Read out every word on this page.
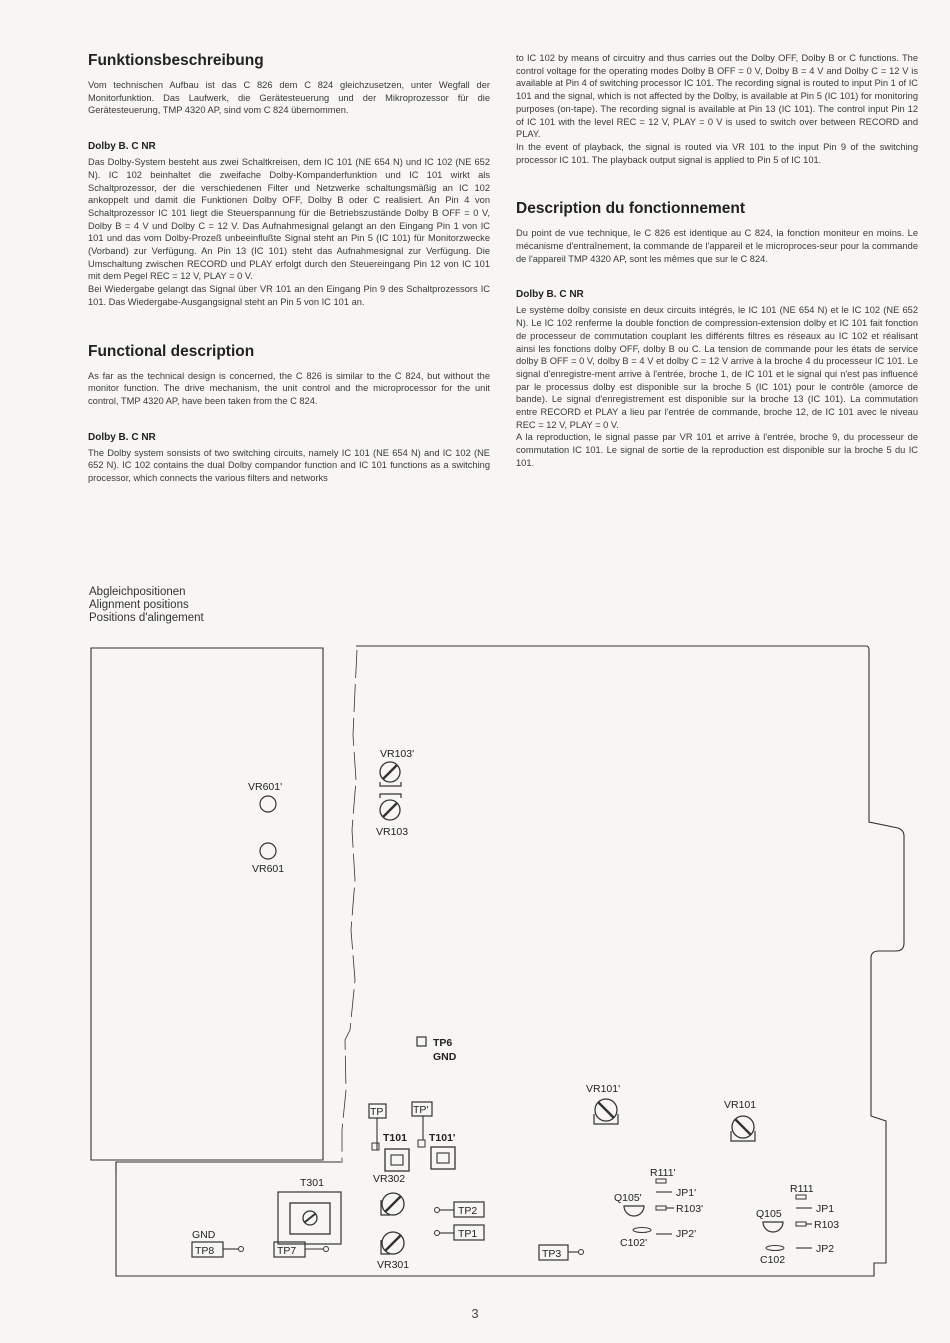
Funktionsbeschreibung

Vom technischen Aufbau ist das C 826 dem C 824 gleichzusetzen, unter Wegfall der Monitorfunktion. Das Laufwerk, die Gerätesteuerung und der Mikroprozessor für die Gerätesteuerung, TMP 4320 AP, sind vom C 824 übernommen.

Dolby B. C NR

Das Dolby-System besteht aus zwei Schaltkreisen, dem IC 101 (NE 654 N) und IC 102 (NE 652 N). IC 102 beinhaltet die zweifache Dolby-Kompanderfunktion und IC 101 wirkt als Schaltprozessor, der die verschiedenen Filter und Netzwerke schaltungsmäßig an IC 102 ankoppelt und damit die Funktionen Dolby OFF, Dolby B oder C realisiert. An Pin 4 von Schaltprozessor IC 101 liegt die Steuerspannung für die Betriebszustände Dolby B OFF = 0 V, Dolby B = 4 V und Dolby C = 12 V. Das Aufnahmesignal gelangt an den Eingang Pin 1 von IC 101 und das vom Dolby-Prozeß unbeeinflußte Signal steht an Pin 5 (IC 101) für Monitorzwecke (Vorband) zur Verfügung. An Pin 13 (IC 101) steht das Aufnahmesignal zur Verfügung. Die Umschaltung zwischen RECORD und PLAY erfolgt durch den Steuereingang Pin 12 von IC 101 mit dem Pegel REC = 12 V, PLAY = 0 V.

Bei Wiedergabe gelangt das Signal über VR 101 an den Eingang Pin 9 des Schaltprozessors IC 101. Das Wiedergabe-Ausgangsignal steht an Pin 5 von IC 101 an.

Functional description

As far as the technical design is concerned, the C 826 is similar to the C 824, but without the monitor function. The drive mechanism, the unit control and the microprocessor for the unit control, TMP 4320 AP, have been taken from the C 824.

Dolby B. C NR

The Dolby system sonsists of two switching circuits, namely IC 101 (NE 654 N) and IC 102 (NE 652 N). IC 102 contains the dual Dolby compandor function and IC 101 functions as a switching processor, which connects the various filters and networks

to IC 102 by means of circuitry and thus carries out the Dolby OFF, Dolby B or C functions. The control voltage for the operating modes Dolby B OFF = 0 V, Dolby B = 4 V and Dolby C = 12 V is available at Pin 4 of switching processor IC 101. The recording signal is routed to input Pin 1 of IC 101 and the signal, which is not affected by the Dolby, is available at Pin 5 (IC 101) for monitoring purposes (on-tape). The recording signal is available at Pin 13 (IC 101). The control input Pin 12 of IC 101 with the level REC = 12 V, PLAY = 0 V is used to switch over between RECORD and PLAY.

In the event of playback, the signal is routed via VR 101 to the input Pin 9 of the switching processor IC 101. The playback output signal is applied to Pin 5 of IC 101.

Description du fonctionnement

Du point de vue technique, le C 826 est identique au C 824, la fonction moniteur en moins. Le mécanisme d'entraînement, la commande de l'appareil et le microproces-seur pour la commande de l'appareil TMP 4320 AP, sont les mêmes que sur le C 824.

Dolby B. C NR

Le système dolby consiste en deux circuits intégrés, le IC 101 (NE 654 N) et le IC 102 (NE 652 N). Le IC 102 renferme la double fonction de compression-extension dolby et IC 101 fait fonction de processeur de commutation couplant les différents filtres es réseaux au IC 102 et réalisant ainsi les fonctions dolby OFF, dolby B ou C. La tension de commande pour les états de service dolby B OFF = 0 V, dolby B = 4 V et dolby C = 12 V arrive à la broche 4 du processeur IC 101. Le signal d'enregistre-ment arrive à l'entrée, broche 1, de IC 101 et le signal qui n'est pas influencé par le processus dolby est disponible sur la broche 5 (IC 101) pour le contrôle (amorce de bande). Le signal d'enregistrement est disponible sur la broche 13 (IC 101). La commutation entre RECORD et PLAY a lieu par l'entrée de commande, broche 12, de IC 101 avec le niveau REC = 12 V, PLAY = 0 V.

A la reproduction, le signal passe par VR 101 et arrive à l'entrée, broche 9, du processeur de commutation IC 101. Le signal de sortie de la reproduction est disponible sur la broche 5 du IC 101.

Abgleichpositionen
Alignment positions
Positions d'alingement
VR103'
VR103
VR601'
VR601
TP6
GND
VR101'
VR101
TP	TP'
T101 T101'
T301	VR302
VR301
TP2
TP1
TP3
GND
TP8	TP7
R111'
Q105'	JP1'
R103'
JP2'
C102'
R111
Q105	JP1
R103
JP2
C102
3
